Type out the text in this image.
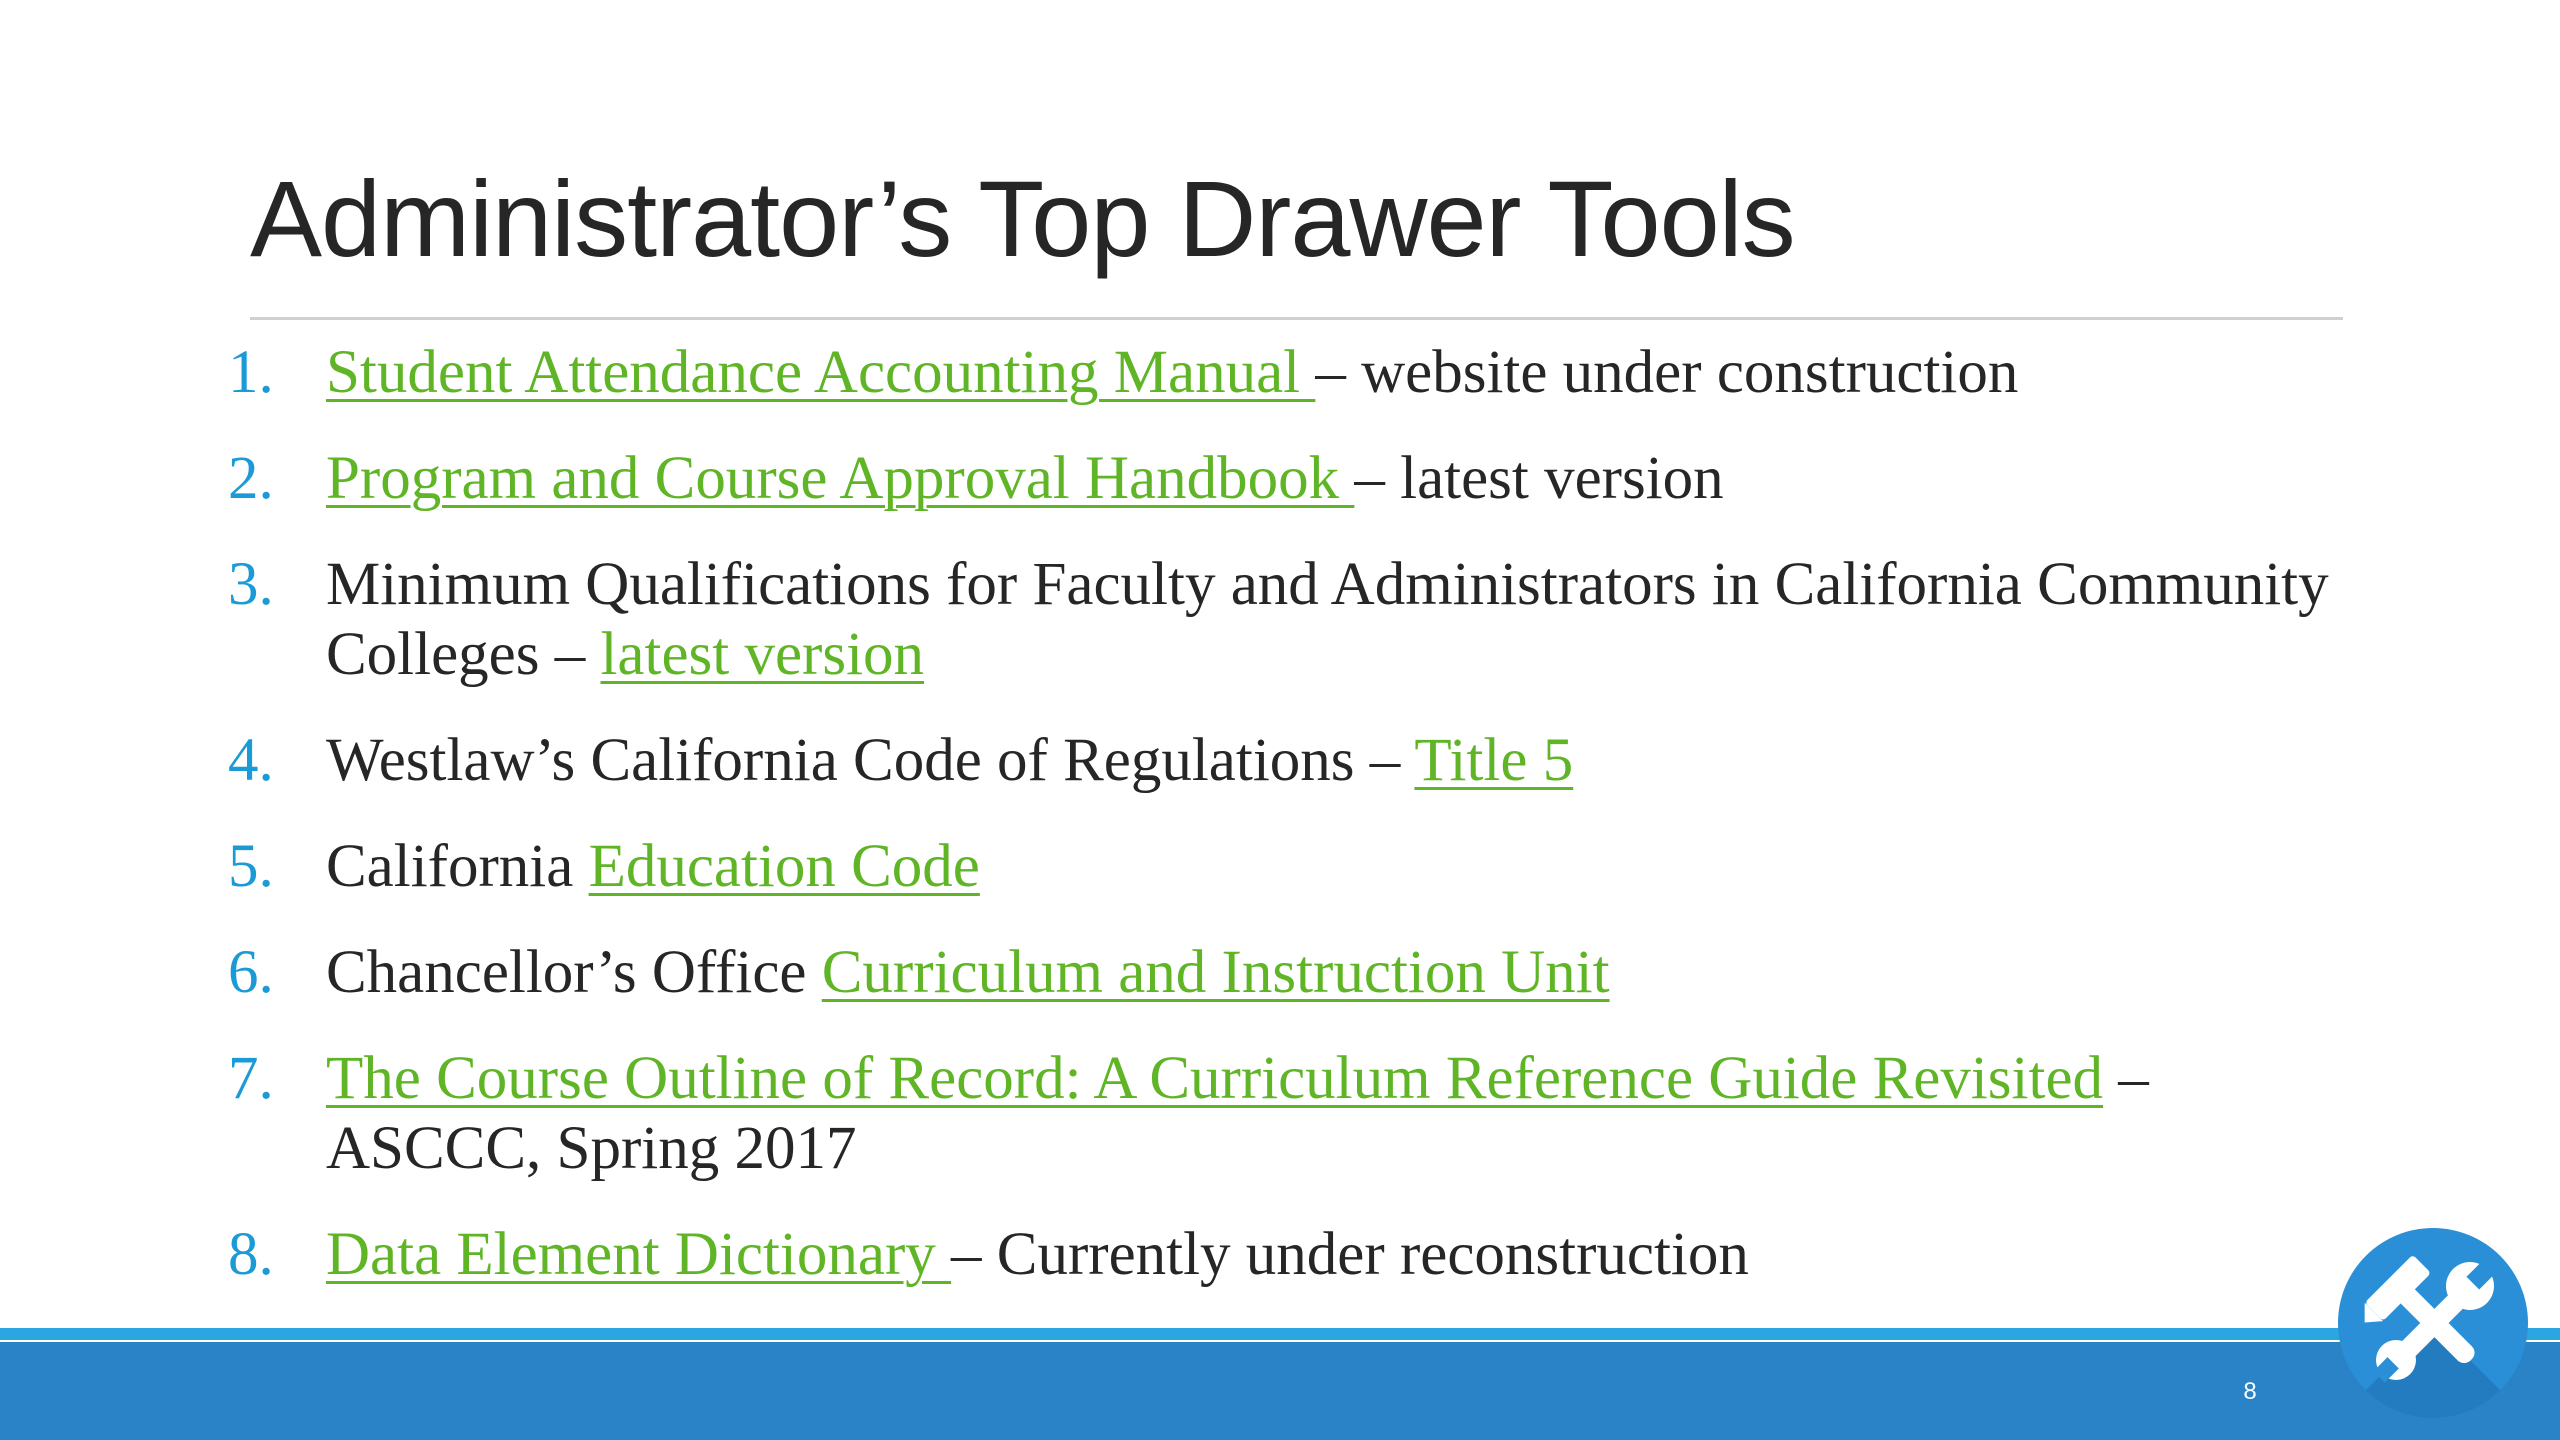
Administrator’s Top Drawer Tools
1. Student Attendance Accounting Manual – website under construction
2. Program and Course Approval Handbook – latest version
3. Minimum Qualifications for Faculty and Administrators in California Community Colleges – latest version
4. Westlaw’s California Code of Regulations – Title 5
5. California Education Code
6. Chancellor’s Office Curriculum and Instruction Unit
7. The Course Outline of Record: A Curriculum Reference Guide Revisited – ASCCC, Spring 2017
8. Data Element Dictionary – Currently under reconstruction
8
